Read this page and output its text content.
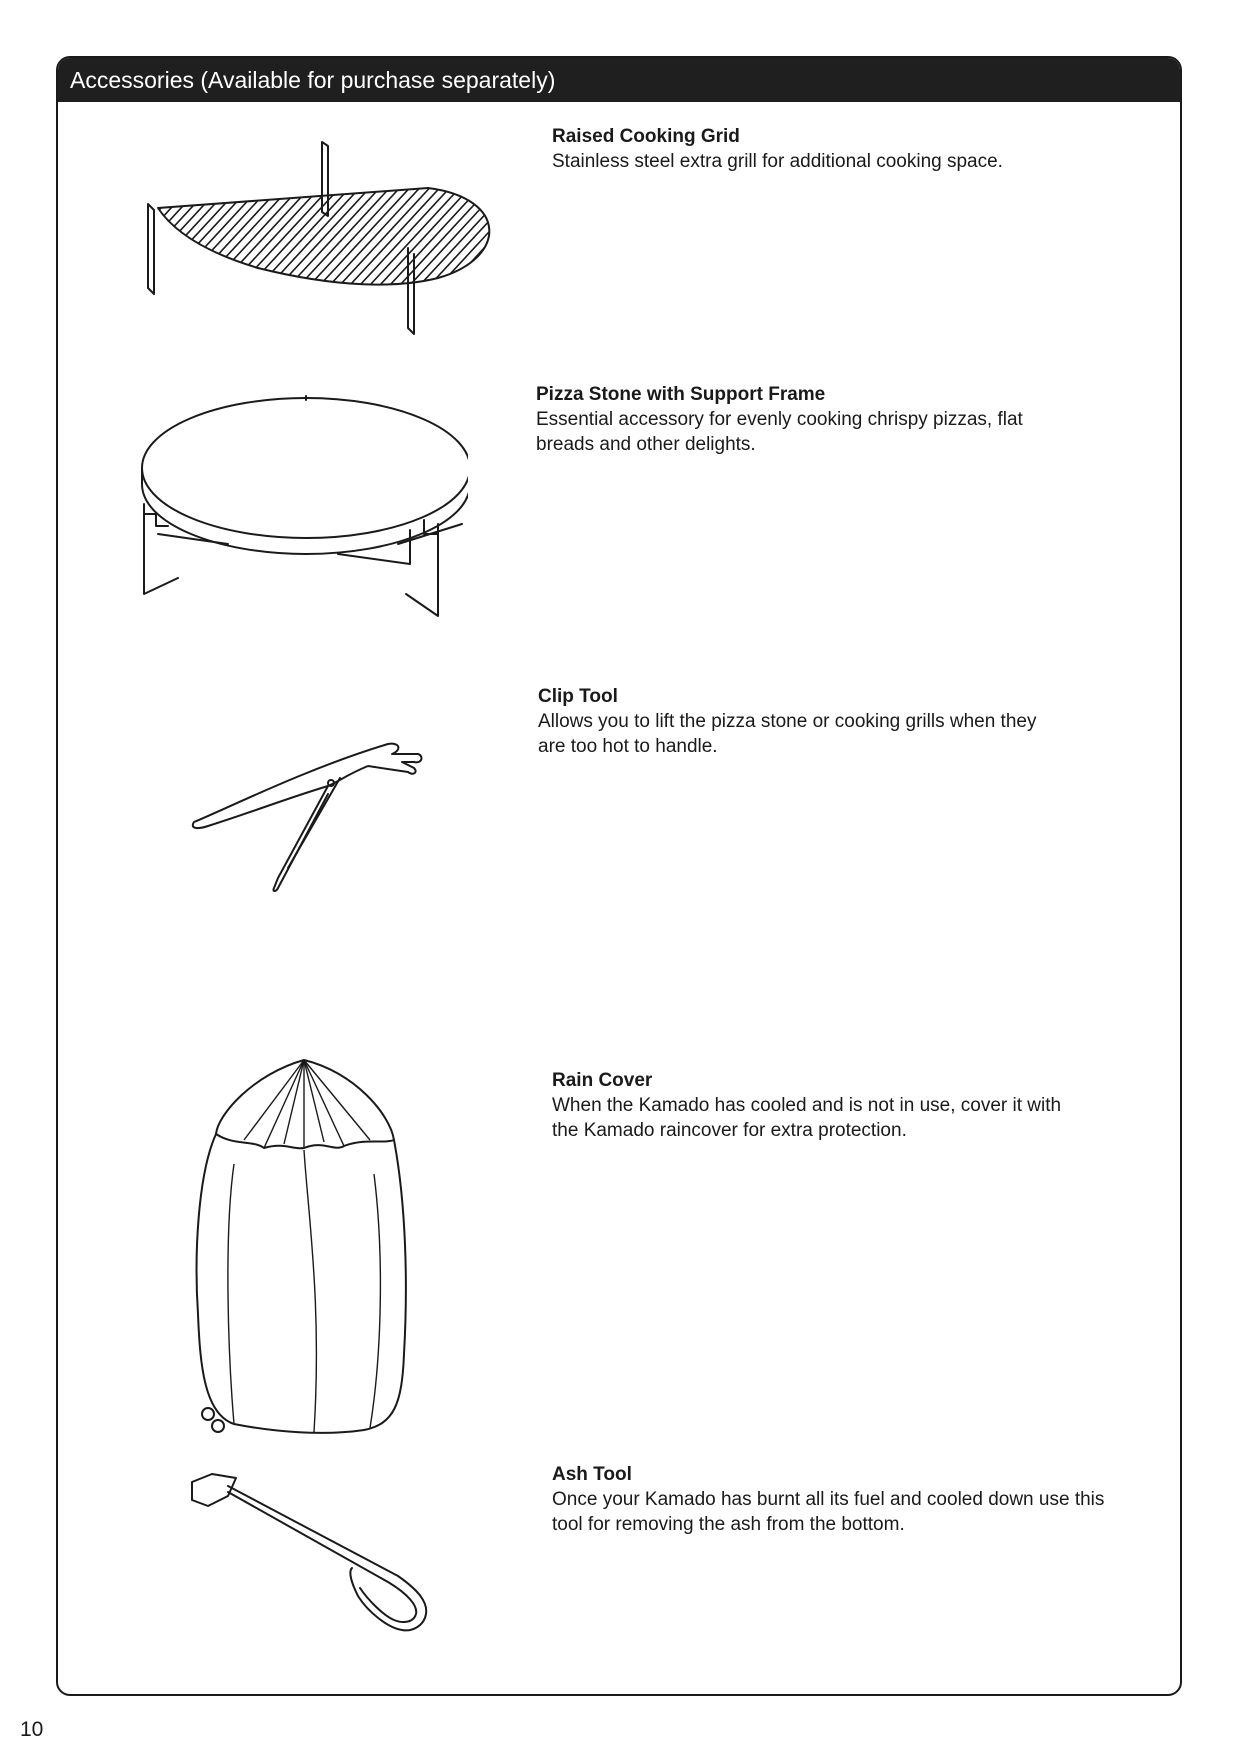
Accessories (Available for purchase separately)
Raised Cooking Grid
Stainless steel extra grill for additional cooking space.
Pizza Stone with Support Frame
Essential accessory for evenly cooking chrispy pizzas, flat breads and other delights.
Clip Tool
Allows you to lift the pizza stone or cooking grills when they are too hot to handle.
Rain Cover
When the Kamado has cooled and is not in use, cover it with the Kamado raincover for extra protection.
Ash Tool
Once your Kamado has burnt all its fuel and cooled down use this tool for removing the ash from the bottom.
10
